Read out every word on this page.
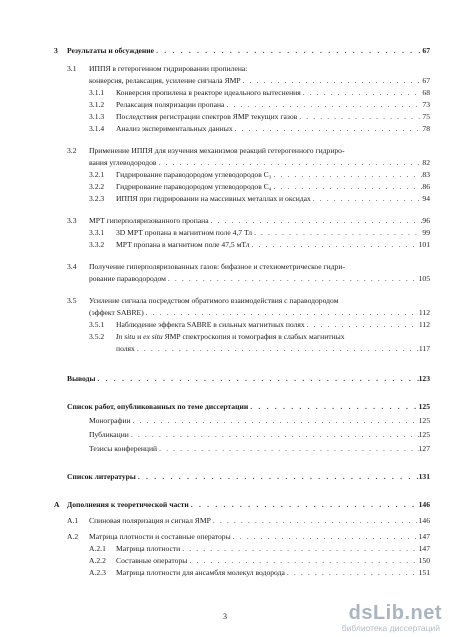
3	Результаты и обсуждение . . .	67
3.1	ИППЯ в гетерогенном гидрировании пропилена:
конверсия, релаксация, усиление сигнала ЯМР . . .	67
3.1.1	Конверсия пропилена в реакторе идеального вытеснения . . .	68
3.1.2	Релаксация поляризации пропана . . .	73
3.1.3	Последствия регистрации спектров ЯМР текущих газов . . .	75
3.1.4	Анализ экспериментальных данных . . .	78
3.2	Применение ИППЯ для изучения механизмов реакций гетерогенного гидриро-
вания углеводородов . . .	82
3.2.1	Гидрирование параводородом углеводородов C₃ . . .	83
3.2.2	Гидрирование параводородом углеводородов C₄ . . .	86
3.2.3	ИППЯ при гидрировании на массивных металлах и оксидах . . .	94
3.3	МРТ гиперполяризованного пропана . . .	96
3.3.1	3D МРТ пропана в магнитном поле 4,7 Тл . . .	99
3.3.2	МРТ пропана в магнитном поле 47,5 мТл . . .	101
3.4	Получение гиперполяризованных газов: бифазное и стехиометрическое гидри-
рование параводородом . . .	105
3.5	Усиление сигнала посредством обратимого взаимодействия с параводородом
(эффект SABRE) . . .	112
3.5.1	Наблюдение эффекта SABRE в сильных магнитных полях . . .	112
3.5.2	In situ и ex situ ЯМР спектроскопия и томография в слабых магнитных
полях . . .	117
Выводы . . .	123
Список работ, опубликованных по теме диссертации . . .	125
Монографии . . .	125
Публикации . . .	125
Тезисы конференций . . .	127
Список литературы . . .	131
A Дополнения к теоретической части . . .	146
A.1	Спиновая поляризация и сигнал ЯМР . . .	146
A.2	Матрица плотности и составные операторы . . .	147
A.2.1	Матрица плотности . . .	147
A.2.2	Составные операторы . . .	150
A.2.3	Матрица плотности для ансамбля молекул водорода . . .	151
3	dsLib.net
библиотека диссертаций
